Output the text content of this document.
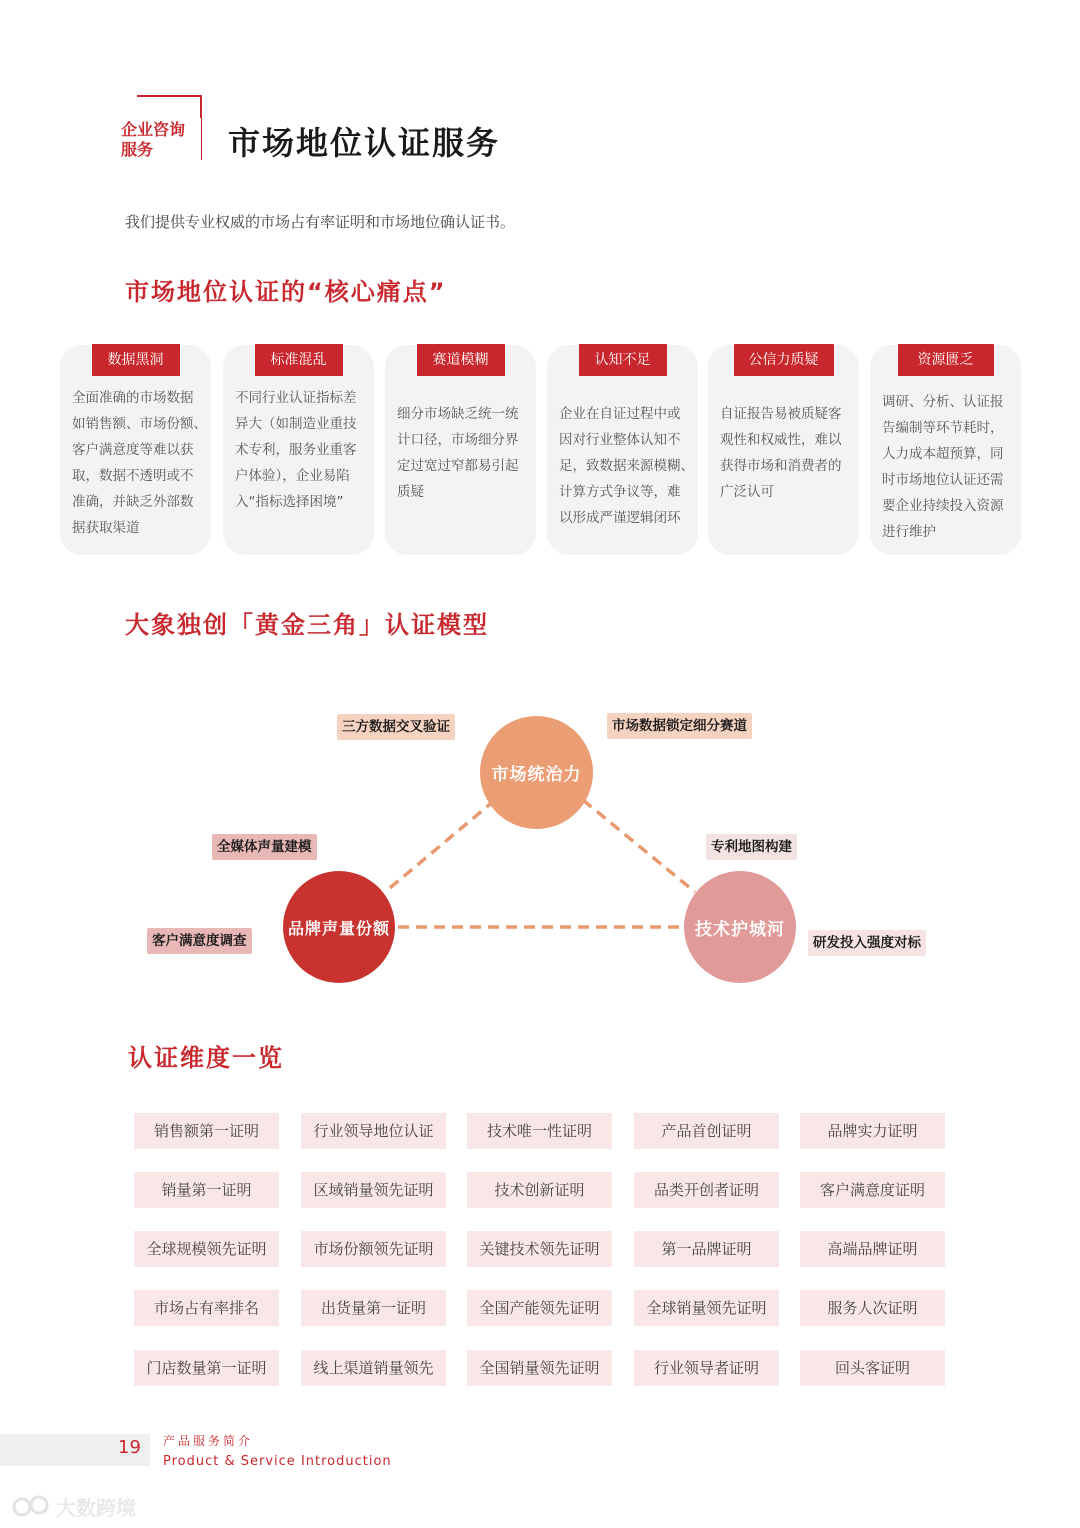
企业咨询
服务	市场地位认证服务
我们提供专业权威的市场占有率证明和市场地位确认证书。
市场地位认证的“核心痛点”
数据黑洞
全面准确的市场数据
如销售额、市场份额、
客户满意度等难以获
取，数据不透明或不
准确，并缺乏外部数
据获取渠道
标准混乱
不同行业认证指标差
异大（如制造业重技
术专利，服务业重客
户体验），企业易陷
入“指标选择困境”
赛道模糊
细分市场缺乏统一统
计口径，市场细分界
定过宽过窄都易引起
质疑
认知不足
企业在自证过程中或
因对行业整体认知不
足，致数据来源模糊、
计算方式争议等，难
以形成严谨逻辑闭环
公信力质疑
自证报告易被质疑客
观性和权威性，难以
获得市场和消费者的
广泛认可
资源匮乏
调研、分析、认证报
告编制等环节耗时，
人力成本超预算，同
时市场地位认证还需
要企业持续投入资源
进行维护
大象独创「黄金三角」认证模型
市场统治力
品牌声量份额	技术护城河
三方数据交叉验证	市场数据锁定细分赛道
全媒体声量建模
客户满意度调查
专利地图构建
研发投入强度对标
认证维度一览
销售额第一证明	行业领导地位认证	技术唯一性证明	产品首创证明	品牌实力证明
销量第一证明	区域销量领先证明	技术创新证明	品类开创者证明	客户满意度证明
全球规模领先证明	市场份额领先证明	关键技术领先证明	第一品牌证明	高端品牌证明
市场占有率排名	出货量第一证明	全国产能领先证明	全球销量领先证明	服务人次证明
门店数量第一证明	线上渠道销量领先	全国销量领先证明	行业领导者证明	回头客证明
19 产品服务简介
Product & Service Introduction
大数跨境
